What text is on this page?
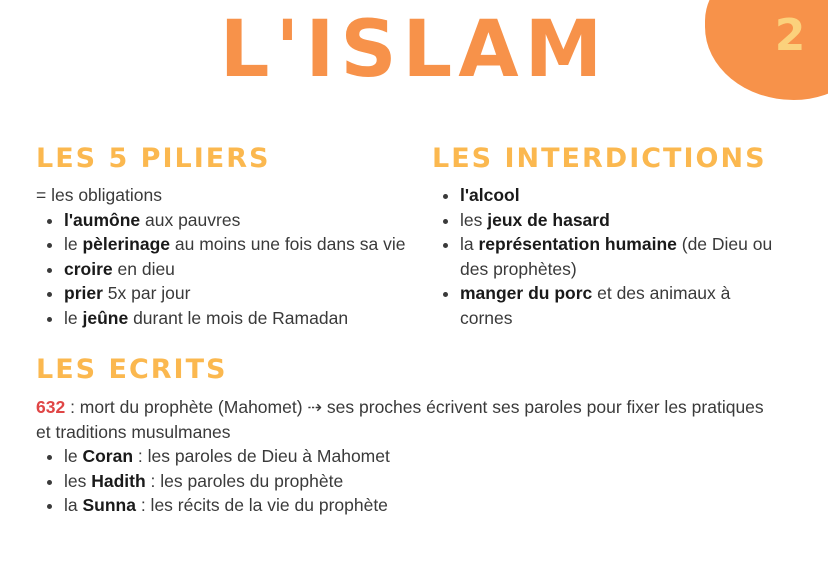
2
L'ISLAM
LES 5 PILIERS

= les obligations

• l'aumône aux pauvres
• le pèlerinage au moins une fois dans sa vie
• croire en dieu
• prier 5x par jour
• le jeûne durant le mois de Ramadan
LES INTERDICTIONS
• l'alcool
• les jeux de hasard
• la représentation humaine (de Dieu ou des prophètes)
• manger du porc et des animaux à cornes
LES ECRITS

632 : mort du prophète (Mahomet) ⇢ ses proches écrivent ses paroles pour fixer les pratiques et traditions musulmanes

• le Coran : les paroles de Dieu à Mahomet
• les Hadith : les paroles du prophète
• la Sunna : les récits de la vie du prophète
